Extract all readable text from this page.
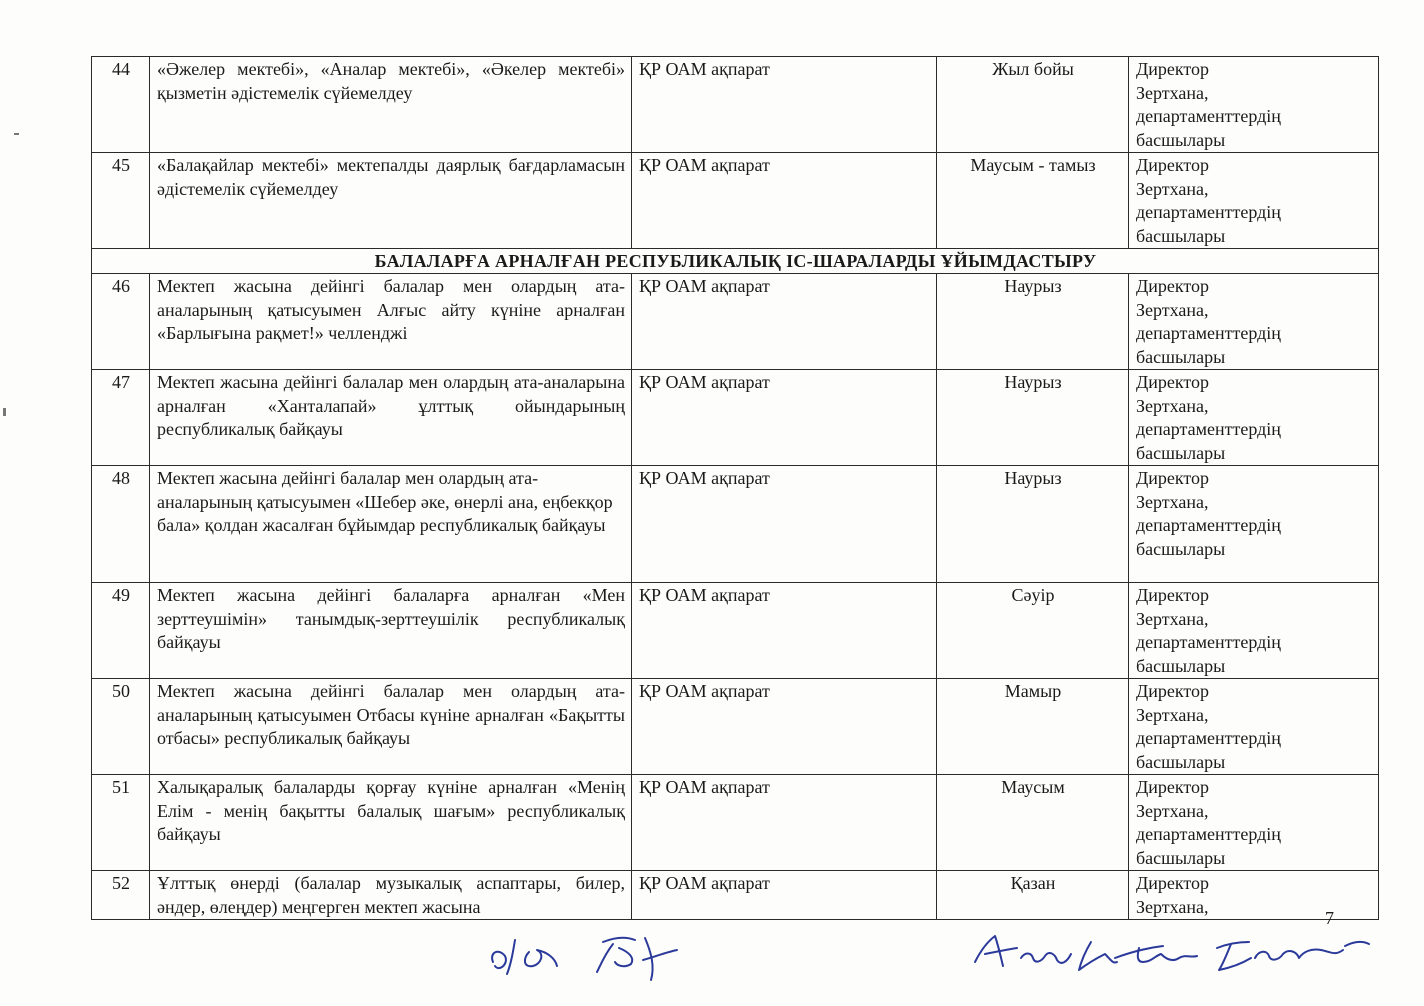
44	«Әжелер мектебі», «Аналар мектебі», «Әкелер мектебі» қызметін әдістемелік сүйемелдеу	ҚР ОАМ ақпарат	Жыл бойы	Директор
Зертхана,
департаменттердің
басшылары

45	«Балақайлар мектебі» мектепалды даярлық бағдарламасын әдістемелік сүйемелдеу	ҚР ОАМ ақпарат	Маусым - тамыз	Директор
Зертхана,
департаменттердің
басшылары

БАЛАЛАРҒА АРНАЛҒАН РЕСПУБЛИКАЛЫҚ ІС-ШАРАЛАРДЫ ҰЙЫМДАСТЫРУ				
46	Мектеп жасына дейінгі балалар мен олардың ата-аналарының қатысуымен Алғыс айту күніне арналған «Барлығына рақмет!» челленджі	ҚР ОАМ ақпарат	Наурыз	Директор
Зертхана,
департаменттердің
басшылары

47	Мектеп жасына дейінгі балалар мен олардың ата-аналарына арналған «Ханталапай» ұлттық ойындарының республикалық байқауы	ҚР ОАМ ақпарат	Наурыз	Директор
Зертхана,
департаменттердің
басшылары

48	Мектеп жасына дейінгі балалар мен олардың ата-аналарының қатысуымен «Шебер әке, өнерлі ана, еңбекқор бала» қолдан жасалған бұйымдар республикалық байқауы	ҚР ОАМ ақпарат	Наурыз	Директор
Зертхана,
департаменттердің
басшылары

49	Мектеп жасына дейінгі балаларға арналған «Мен зерттеушімін» танымдық-зерттеушілік республикалық байқауы	ҚР ОАМ ақпарат	Сәуір	Директор
Зертхана,
департаменттердің
басшылары

50	Мектеп жасына дейінгі балалар мен олардың ата-аналарының қатысуымен Отбасы күніне арналған «Бақытты отбасы» республикалық байқауы	ҚР ОАМ ақпарат	Мамыр	Директор
Зертхана,
департаменттердің
басшылары

51	Халықаралық балаларды қорғау күніне арналған «Менің Елім - менің бақытты балалық шағым» республикалық байқауы	ҚР ОАМ ақпарат	Маусым	Директор
Зертхана,
департаменттердің
басшылары

52	Ұлттық өнерді (балалар музыкалық аспаптары, билер, әндер, өлеңдер) меңгерген мектеп жасына	ҚР ОАМ ақпарат	Қазан	Директор
Зертхана,
7
